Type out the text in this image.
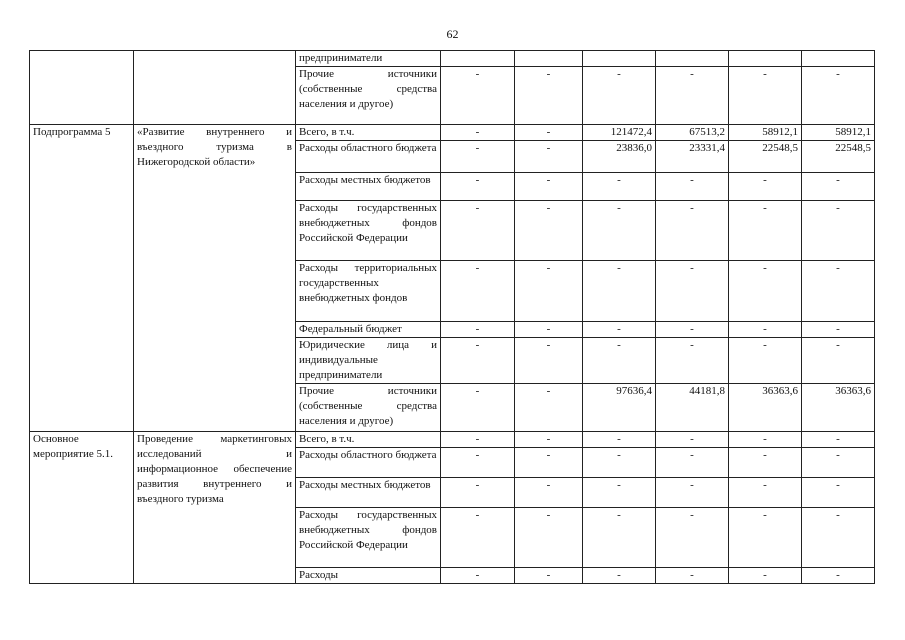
62
		предприниматели						
		Прочие источники (собственные средства населения и другое)	-	-	-	-	-	-
Подпрограмма 5	«Развитие внутреннего и въездного туризма в Нижегородской области»	Всего, в т.ч.	-	-	121472,4	67513,2	58912,1	58912,1
		Расходы областного бюджета	-	-	23836,0	23331,4	22548,5	22548,5
		Расходы местных бюджетов	-	-	-	-	-	-
		Расходы государственных внебюджетных фондов Российской Федерации	-	-	-	-	-	-
		Расходы территориальных государственных внебюджетных фондов	-	-	-	-	-	-
		Федеральный бюджет	-	-	-	-	-	-
		Юридические лица и индивидуальные предприниматели	-	-	-	-	-	-
		Прочие источники (собственные средства населения и другое)	-	-	97636,4	44181,8	36363,6	36363,6
Основное мероприятие 5.1.	Проведение маркетинговых исследований и информационное обеспечение развития внутреннего и въездного туризма	Всего, в т.ч.	-	-	-	-	-	-
		Расходы областного бюджета	-	-	-	-	-	-
		Расходы местных бюджетов	-	-	-	-	-	-
		Расходы государственных внебюджетных фондов Российской Федерации	-	-	-	-	-	-
		Расходы	-	-	-	-	-	-
